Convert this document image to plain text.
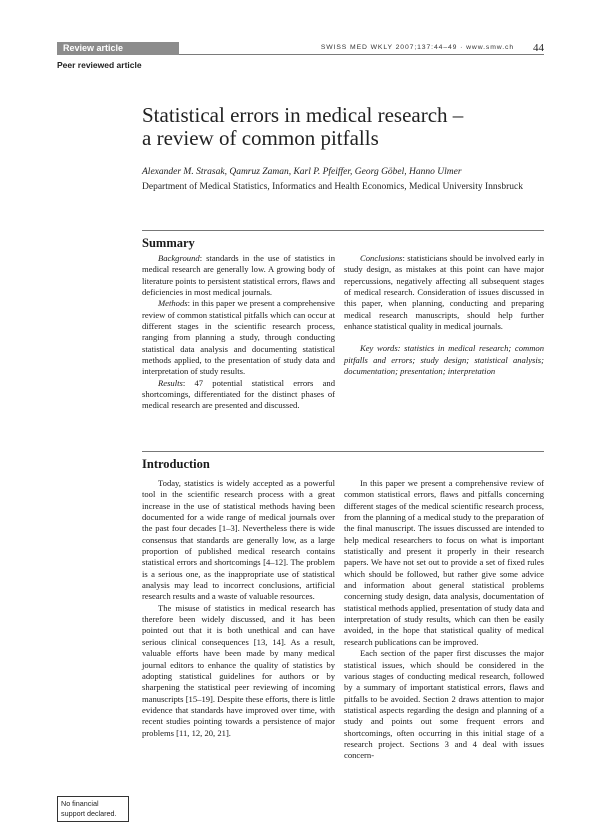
Review article	SWISS MED WKLY 2007;137:44–49 · www.smw.ch 44
Peer reviewed article
Statistical errors in medical research –
a review of common pitfalls
Alexander M. Strasak, Qamruz Zaman, Karl P. Pfeiffer, Georg Göbel, Hanno Ulmer
Department of Medical Statistics, Informatics and Health Economics, Medical University Innsbruck
Summary

Background: standards in the use of statistics in medical research are generally low. A growing body of literature points to persistent statistical errors, flaws and deficiencies in most medical journals.

Methods: in this paper we present a comprehensive review of common statistical pitfalls which can occur at different stages in the scientific research process, ranging from planning a study, through conducting statistical data analysis and documenting statistical methods applied, to the presentation of study data and interpretation of study results.

Results: 47 potential statistical errors and shortcomings, differentiated for the distinct phases of medical research are presented and discussed.

Conclusions: statisticians should be involved early in study design, as mistakes at this point can have major repercussions, negatively affecting all subsequent stages of medical research. Consideration of issues discussed in this paper, when planning, conducting and preparing medical research manuscripts, should help further enhance statistical quality in medical journals.

Key words: statistics in medical research; common pitfalls and errors; study design; statistical analysis; documentation; presentation; interpretation

Introduction

Today, statistics is widely accepted as a powerful tool in the scientific research process with a great increase in the use of statistical methods having been documented for a wide range of medical journals over the past four decades [1–3]. Nevertheless there is wide consensus that standards are generally low, as a large proportion of published medical research contains statistical errors and shortcomings [4–12]. The problem is a serious one, as the inappropriate use of statistical analysis may lead to incorrect conclusions, artificial research results and a waste of valuable resources.

The misuse of statistics in medical research has therefore been widely discussed, and it has been pointed out that it is both unethical and can have serious clinical consequences [13, 14]. As a result, valuable efforts have been made by many medical journal editors to enhance the quality of statistics by adopting statistical guidelines for authors or by sharpening the statistical peer reviewing of incoming manuscripts [15–19]. Despite these efforts, there is little evidence that standards have improved over time, with recent studies pointing towards a persistence of major problems [11, 12, 20, 21].

In this paper we present a comprehensive review of common statistical errors, flaws and pitfalls concerning different stages of the medical scientific research process, from the planning of a medical study to the preparation of the final manuscript. The issues discussed are intended to help medical researchers to focus on what is important statistically and present it properly in their research papers. We have not set out to provide a set of fixed rules which should be followed, but rather give some advice and information about general statistical problems concerning study design, data analysis, documentation of statistical methods applied, presentation of study data and interpretation of study results, which can then be easily avoided, in the hope that statistical quality of medical research publications can be improved.

Each section of the paper first discusses the major statistical issues, which should be considered in the various stages of conducting medical research, followed by a summary of important statistical errors, flaws and pitfalls to be avoided. Section 2 draws attention to major statistical aspects regarding the design and planning of a study and points out some frequent errors and shortcomings, often occurring in this initial stage of a research project. Sections 3 and 4 deal with issues concern-

No financial
support declared.
